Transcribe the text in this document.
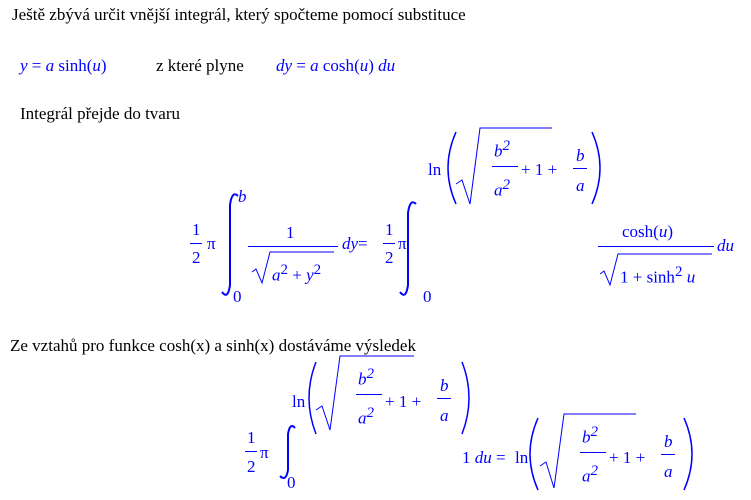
Ještě zbývá určit vnější integrál, který spočteme pomocí substituce
y = a sinh(u)	z které plyne dy = a cosh(u) du
Integrál přejde do tvaru
1
2
π
b
0
1
$a^2 + y^2$
dy=
1
2
π
0
ln
$b^2$
$a^2$
+ 1 +
b
a
cosh(u)
$1 + \sinh^2 u$
du
Ze vztahů pro funkce cosh(x) a sinh(x) dostáváme výsledek
1
2
π
0
ln
$b^2$
$a^2$
+ 1 +
b
a
1 du = ln
$b^2$
$a^2$
+ 1 +
b
a
